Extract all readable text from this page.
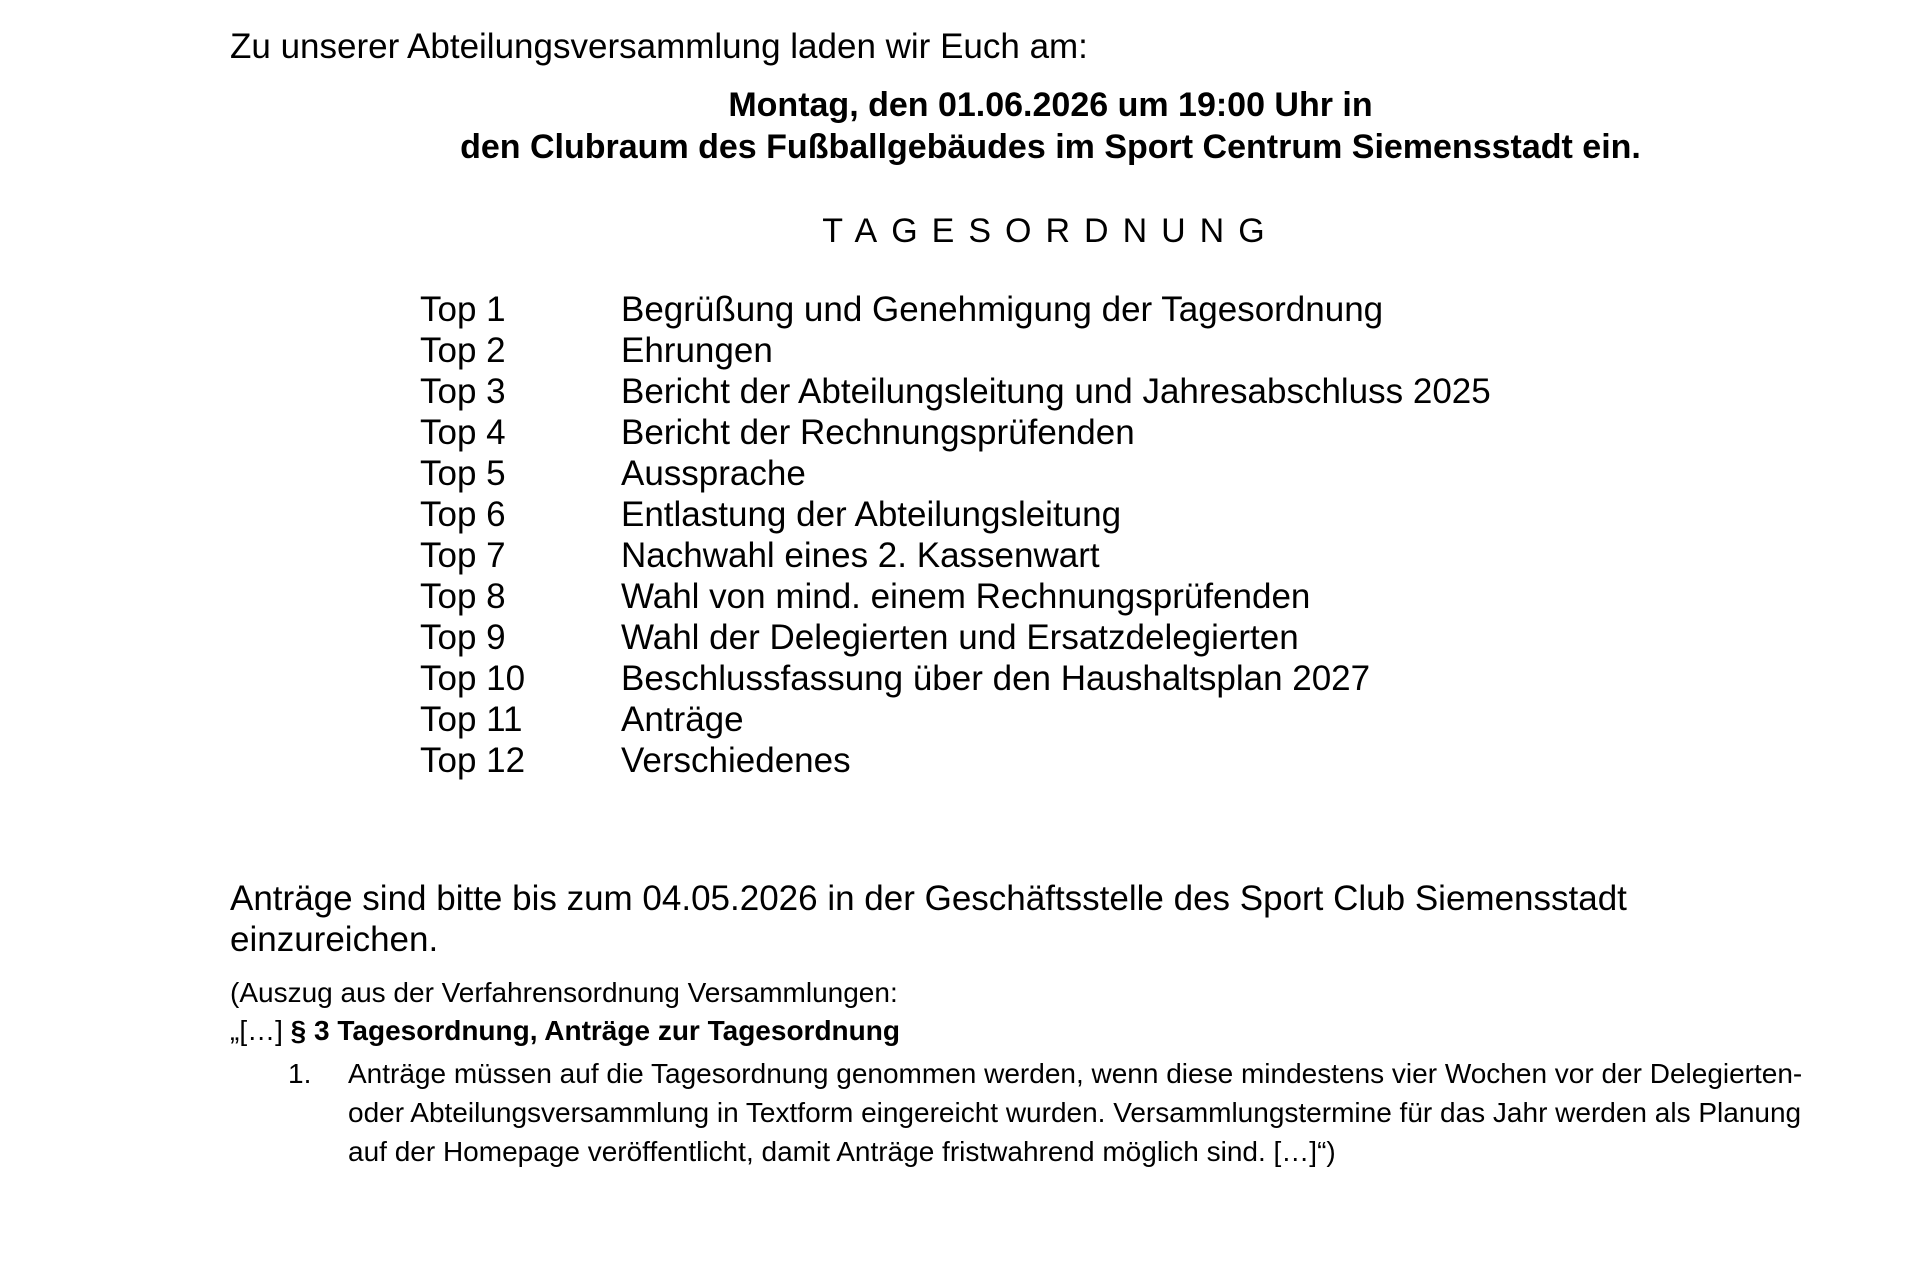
Zu unserer Abteilungsversammlung laden wir Euch am:
Montag, den 01.06.2026 um 19:00 Uhr in
den Clubraum des Fußballgebäudes im Sport Centrum Siemensstadt ein.
TAGESORDNUNG
Top 1	Begrüßung und Genehmigung der Tagesordnung
Top 2	Ehrungen
Top 3	Bericht der Abteilungsleitung und Jahresabschluss 2025
Top 4	Bericht der Rechnungsprüfenden
Top 5	Aussprache
Top 6	Entlastung der Abteilungsleitung
Top 7	Nachwahl eines 2. Kassenwart
Top 8	Wahl von mind. einem Rechnungsprüfenden
Top 9	Wahl der Delegierten und Ersatzdelegierten
Top 10	Beschlussfassung über den Haushaltsplan 2027
Top 11	Anträge
Top 12	Verschiedenes

Anträge sind bitte bis zum 04.05.2026 in der Geschäftsstelle des Sport Club Siemensstadt einzureichen.

(Auszug aus der Verfahrensordnung Versammlungen:
„[…] § 3 Tagesordnung, Anträge zur Tagesordnung
1. Anträge müssen auf die Tagesordnung genommen werden, wenn diese mindestens vier Wochen vor der Delegierten- oder Abteilungsversammlung in Textform eingereicht wurden. Versammlungstermine für das Jahr werden als Planung auf der Homepage veröffentlicht, damit Anträge fristwahrend möglich sind. […]“)
